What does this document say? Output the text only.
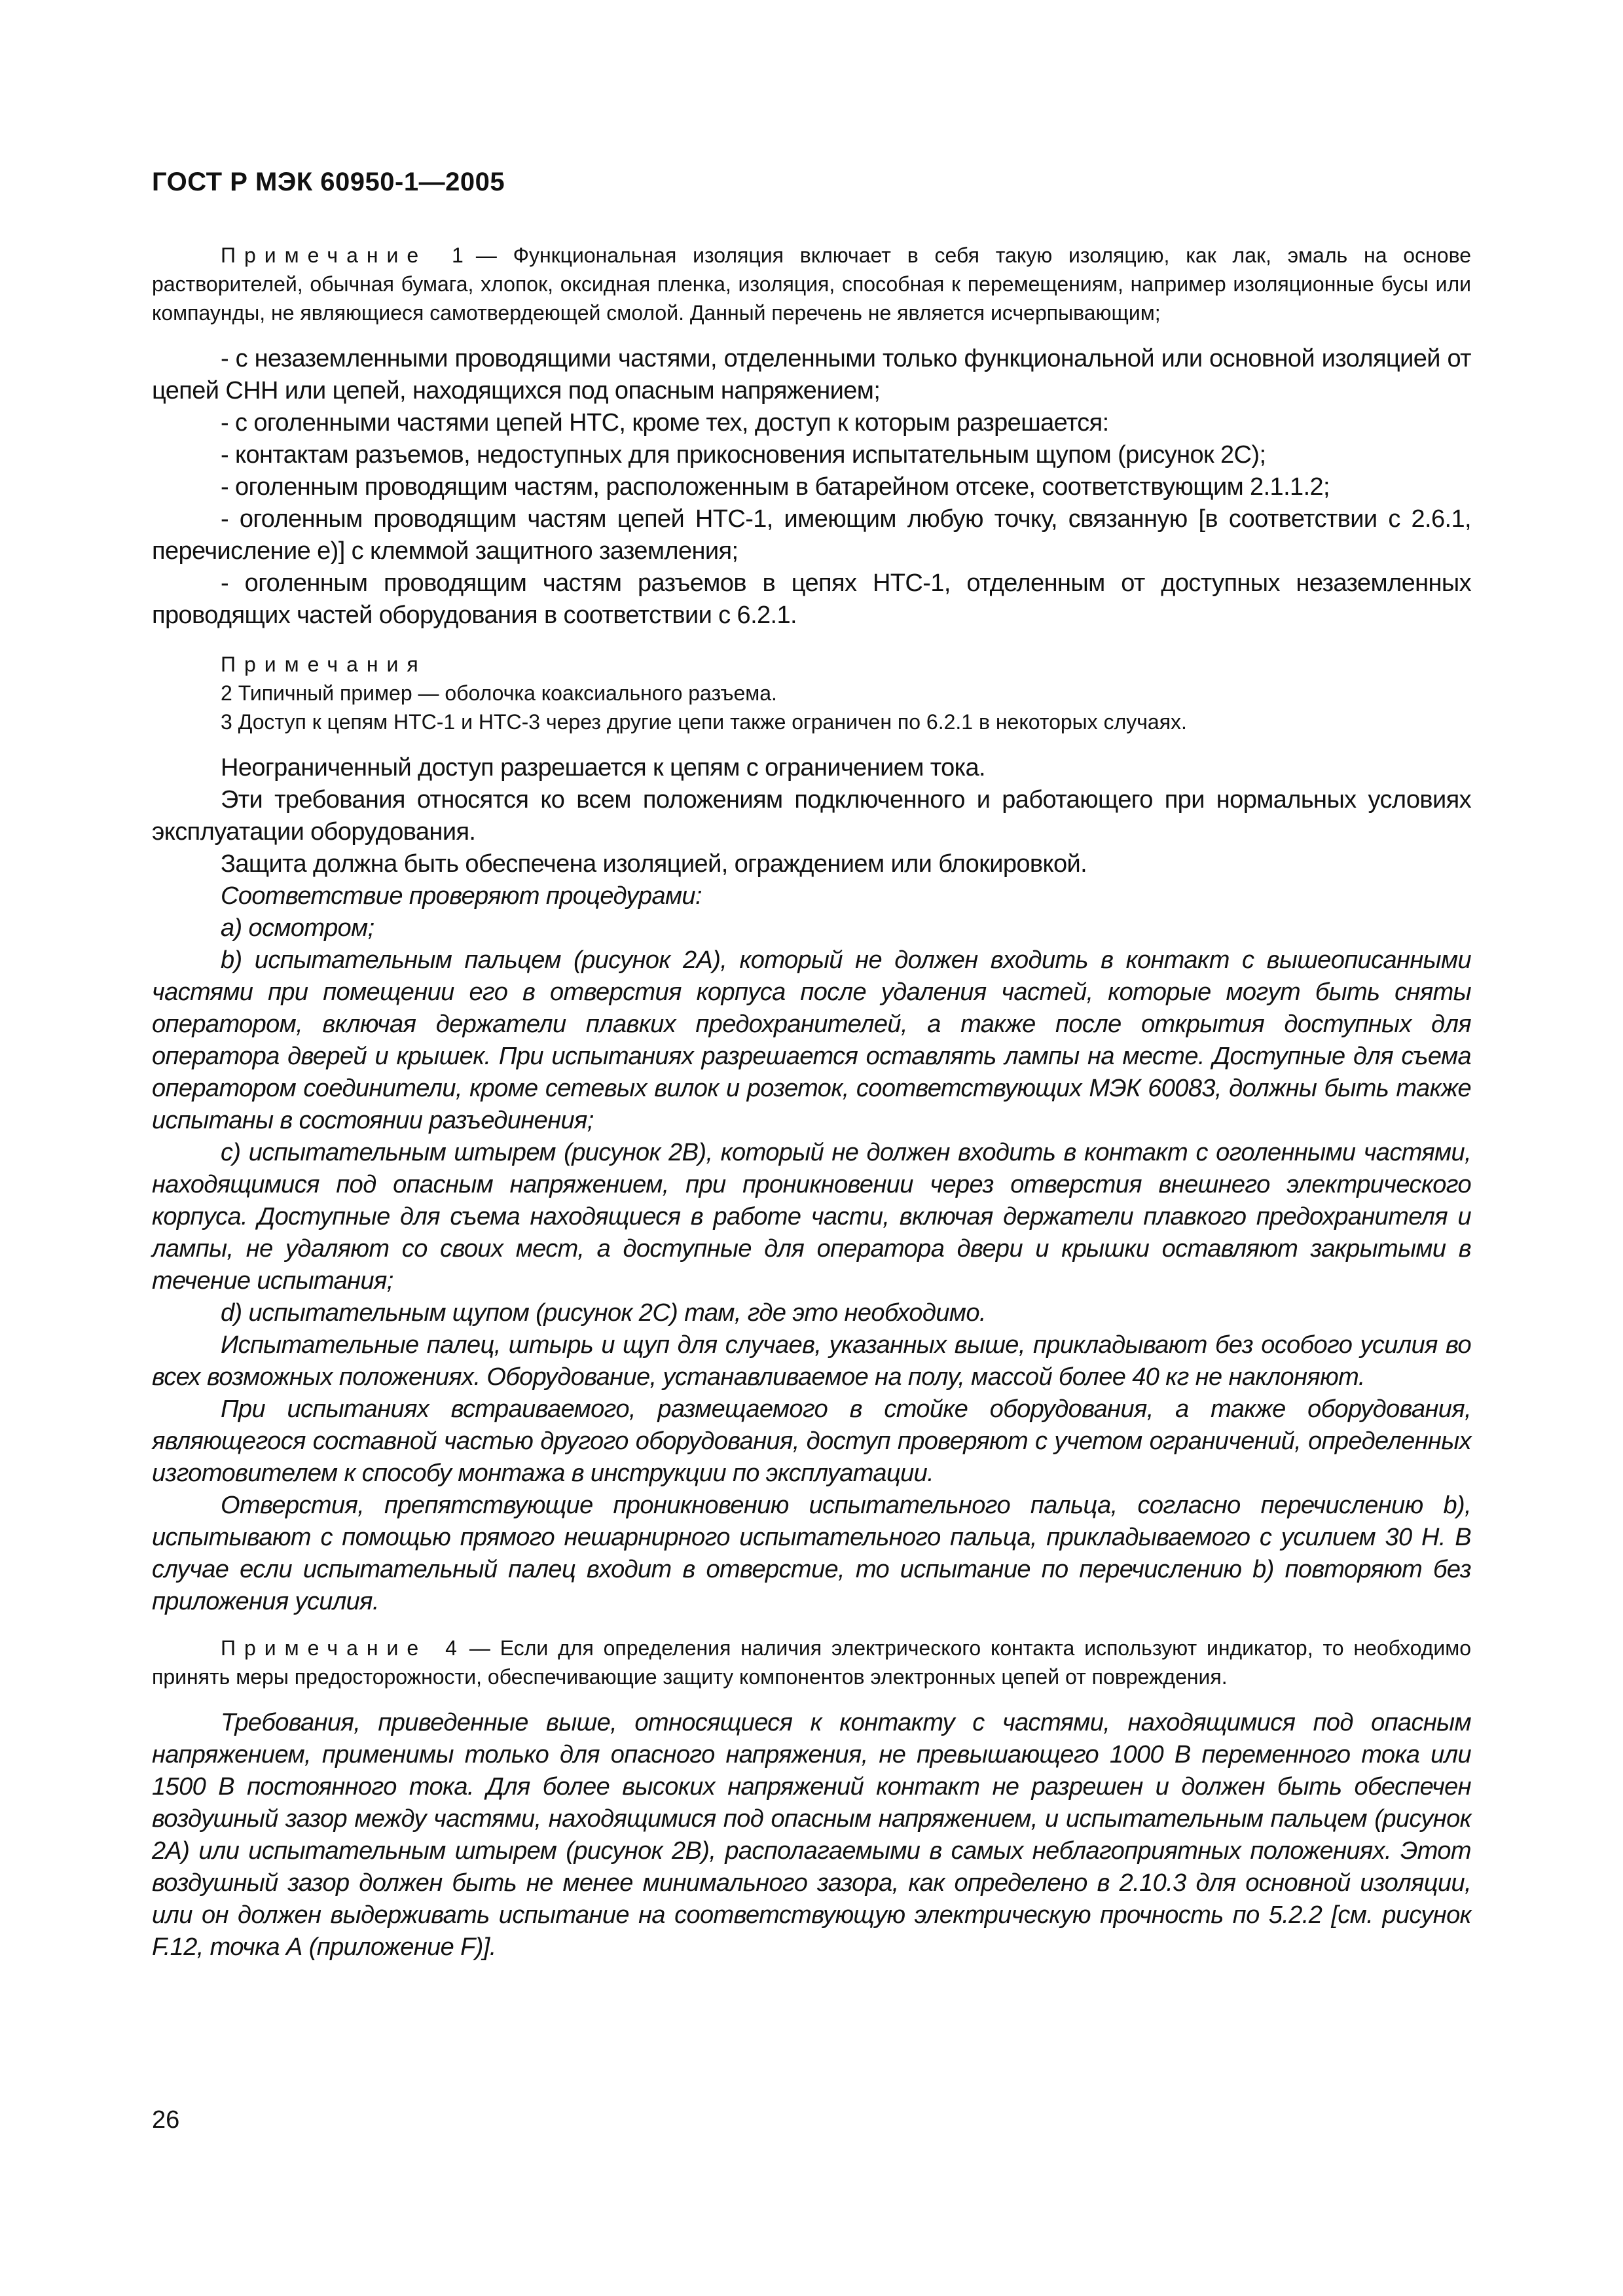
ГОСТ Р МЭК 60950-1—2005

Примечание 1 — Функциональная изоляция включает в себя такую изоляцию, как лак, эмаль на основе растворителей, обычная бумага, хлопок, оксидная пленка, изоляция, способная к перемещениям, например изоляционные бусы или компаунды, не являющиеся самотвердеющей смолой. Данный перечень не является исчерпывающим;

- с незаземленными проводящими частями, отделенными только функциональной или основной изоляцией от цепей СНН или цепей, находящихся под опасным напряжением;

- с оголенными частями цепей НТС, кроме тех, доступ к которым разрешается:

- контактам разъемов, недоступных для прикосновения испытательным щупом (рисунок 2С);

- оголенным проводящим частям, расположенным в батарейном отсеке, соответствующим 2.1.1.2;

- оголенным проводящим частям цепей НТС-1, имеющим любую точку, связанную [в соответствии с 2.6.1, перечисление е)] с клеммой защитного заземления;

- оголенным проводящим частям разъемов в цепях НТС-1, отделенным от доступных незаземленных проводящих частей оборудования в соответствии с 6.2.1.

Примечания

2 Типичный пример — оболочка коаксиального разъема.

3 Доступ к цепям НТС-1 и НТС-3 через другие цепи также ограничен по 6.2.1 в некоторых случаях.

Неограниченный доступ разрешается к цепям с ограничением тока.

Эти требования относятся ко всем положениям подключенного и работающего при нормальных условиях эксплуатации оборудования.

Защита должна быть обеспечена изоляцией, ограждением или блокировкой.

Соответствие проверяют процедурами:

а) осмотром;

b) испытательным пальцем (рисунок 2А), который не должен входить в контакт с вышеописанными частями при помещении его в отверстия корпуса после удаления частей, которые могут быть сняты оператором, включая держатели плавких предохранителей, а также после открытия доступных для оператора дверей и крышек. При испытаниях разрешается оставлять лампы на месте. Доступные для съема оператором соединители, кроме сетевых вилок и розеток, соответствующих МЭК 60083, должны быть также испытаны в состоянии разъединения;

с) испытательным штырем (рисунок 2В), который не должен входить в контакт с оголенными частями, находящимися под опасным напряжением, при проникновении через отверстия внешнего электрического корпуса. Доступные для съема находящиеся в работе части, включая держатели плавкого предохранителя и лампы, не удаляют со своих мест, а доступные для оператора двери и крышки оставляют закрытыми в течение испытания;

d) испытательным щупом (рисунок 2С) там, где это необходимо.

Испытательные палец, штырь и щуп для случаев, указанных выше, прикладывают без особого усилия во всех возможных положениях. Оборудование, устанавливаемое на полу, массой более 40 кг не наклоняют.

При испытаниях встраиваемого, размещаемого в стойке оборудования, а также оборудования, являющегося составной частью другого оборудования, доступ проверяют с учетом ограничений, определенных изготовителем к способу монтажа в инструкции по эксплуатации.

Отверстия, препятствующие проникновению испытательного пальца, согласно перечислению b), испытывают с помощью прямого нешарнирного испытательного пальца, прикладываемого с усилием 30 Н. В случае если испытательный палец входит в отверстие, то испытание по перечислению b) повторяют без приложения усилия.

Примечание 4 — Если для определения наличия электрического контакта используют индикатор, то необходимо принять меры предосторожности, обеспечивающие защиту компонентов электронных цепей от повреждения.

Требования, приведенные выше, относящиеся к контакту с частями, находящимися под опасным напряжением, применимы только для опасного напряжения, не превышающего 1000 В переменного тока или 1500 В постоянного тока. Для более высоких напряжений контакт не разрешен и должен быть обеспечен воздушный зазор между частями, находящимися под опасным напряжением, и испытательным пальцем (рисунок 2А) или испытательным штырем (рисунок 2В), располагаемыми в самых неблагоприятных положениях. Этот воздушный зазор должен быть не менее минимального зазора, как определено в 2.10.3 для основной изоляции, или он должен выдерживать испытание на соответствующую электрическую прочность по 5.2.2 [см. рисунок F.12, точка А (приложение F)].

26
